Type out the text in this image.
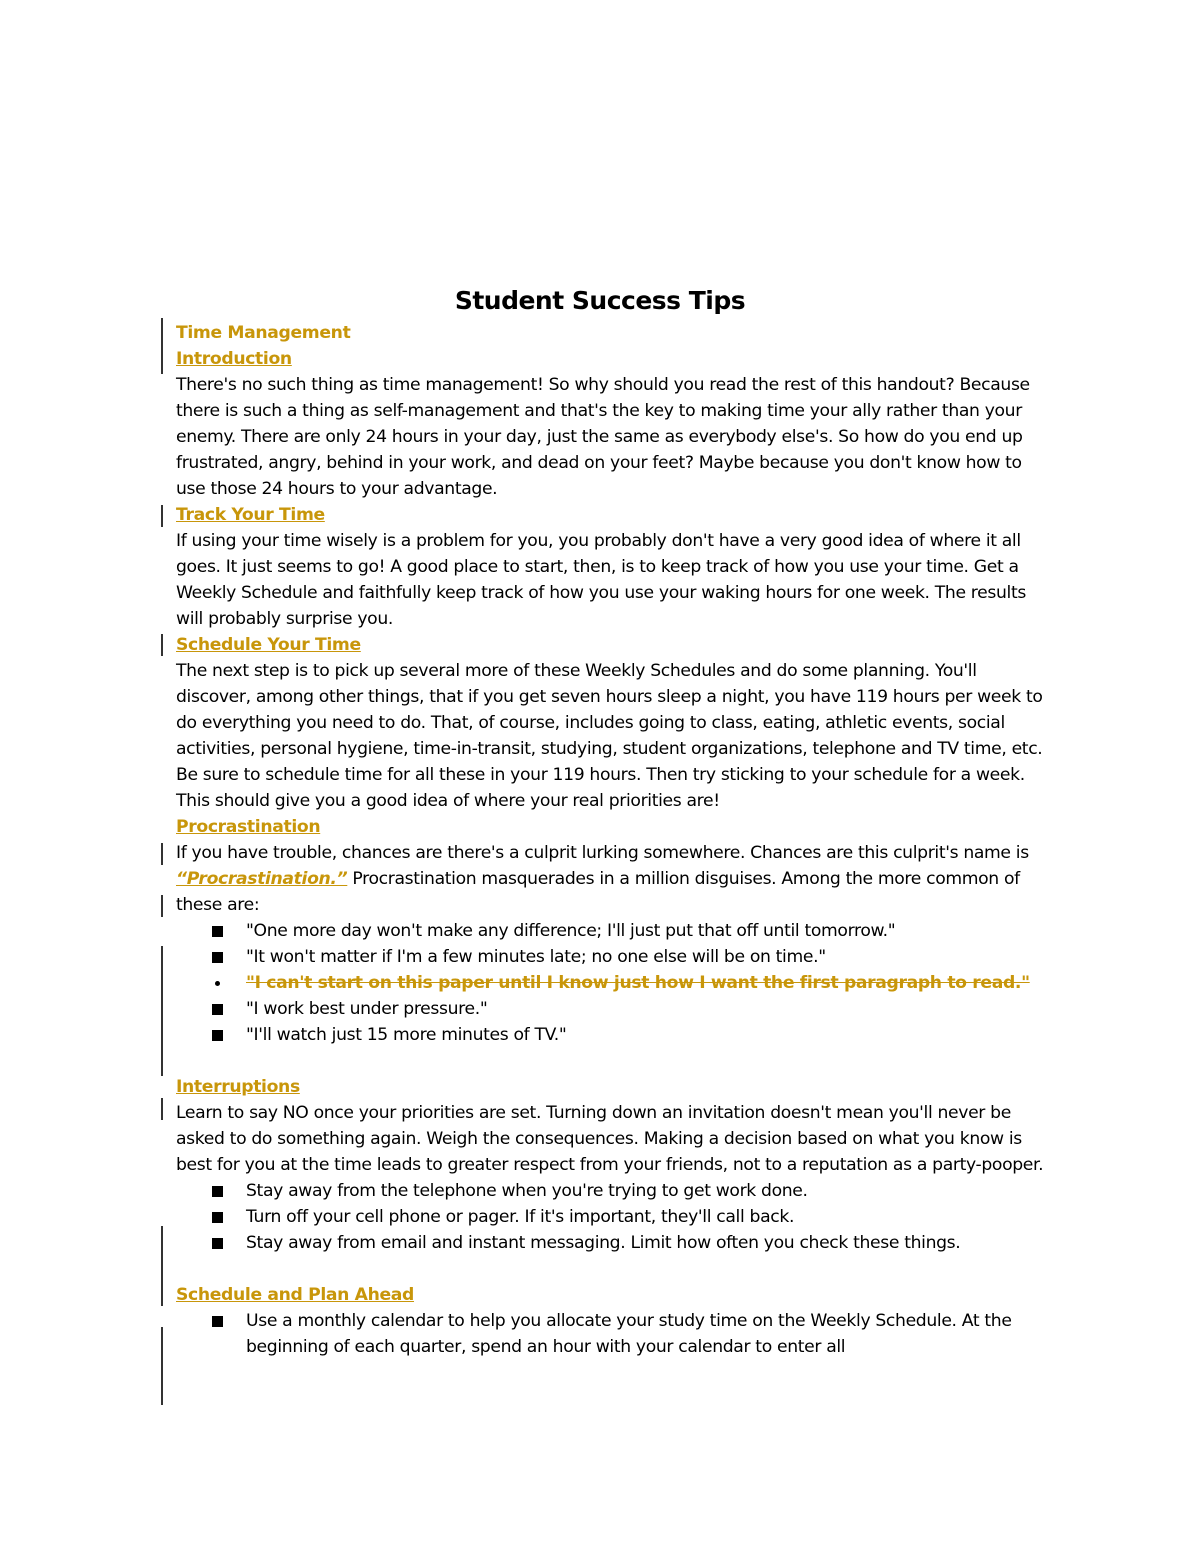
Student Success Tips

Time Management

Introduction

There's no such thing as time management! So why should you read the rest of this handout? Because there is such a thing as self-management and that's the key to making time your ally rather than your enemy. There are only 24 hours in your day, just the same as everybody else's. So how do you end up frustrated, angry, behind in your work, and dead on your feet? Maybe because you don't know how to use those 24 hours to your advantage.

Track Your Time

If using your time wisely is a problem for you, you probably don't have a very good idea of where it all goes. It just seems to go! A good place to start, then, is to keep track of how you use your time. Get a Weekly Schedule and faithfully keep track of how you use your waking hours for one week. The results will probably surprise you.

Schedule Your Time

The next step is to pick up several more of these Weekly Schedules and do some planning. You'll discover, among other things, that if you get seven hours sleep a night, you have 119 hours per week to do everything you need to do. That, of course, includes going to class, eating, athletic events, social activities, personal hygiene, time-in-transit, studying, student organizations, telephone and TV time, etc. Be sure to schedule time for all these in your 119 hours. Then try sticking to your schedule for a week. This should give you a good idea of where your real priorities are!

Procrastination

If you have trouble, chances are there's a culprit lurking somewhere. Chances are this culprit's name is “Procrastination.” Procrastination masquerades in a million disguises. Among the more common of these are:

"One more day won't make any difference; I'll just put that off until tomorrow."
"It won't matter if I'm a few minutes late; no one else will be on time."
"I can't start on this paper until I know just how I want the first paragraph to read."
"I work best under pressure."
"I'll watch just 15 more minutes of TV."

Interruptions

Learn to say NO once your priorities are set. Turning down an invitation doesn't mean you'll never be asked to do something again. Weigh the consequences. Making a decision based on what you know is best for you at the time leads to greater respect from your friends, not to a reputation as a party-pooper.

Stay away from the telephone when you're trying to get work done.
Turn off your cell phone or pager. If it's important, they'll call back.
Stay away from email and instant messaging. Limit how often you check these things.

Schedule and Plan Ahead

Use a monthly calendar to help you allocate your study time on the Weekly Schedule. At the beginning of each quarter, spend an hour with your calendar to enter all
